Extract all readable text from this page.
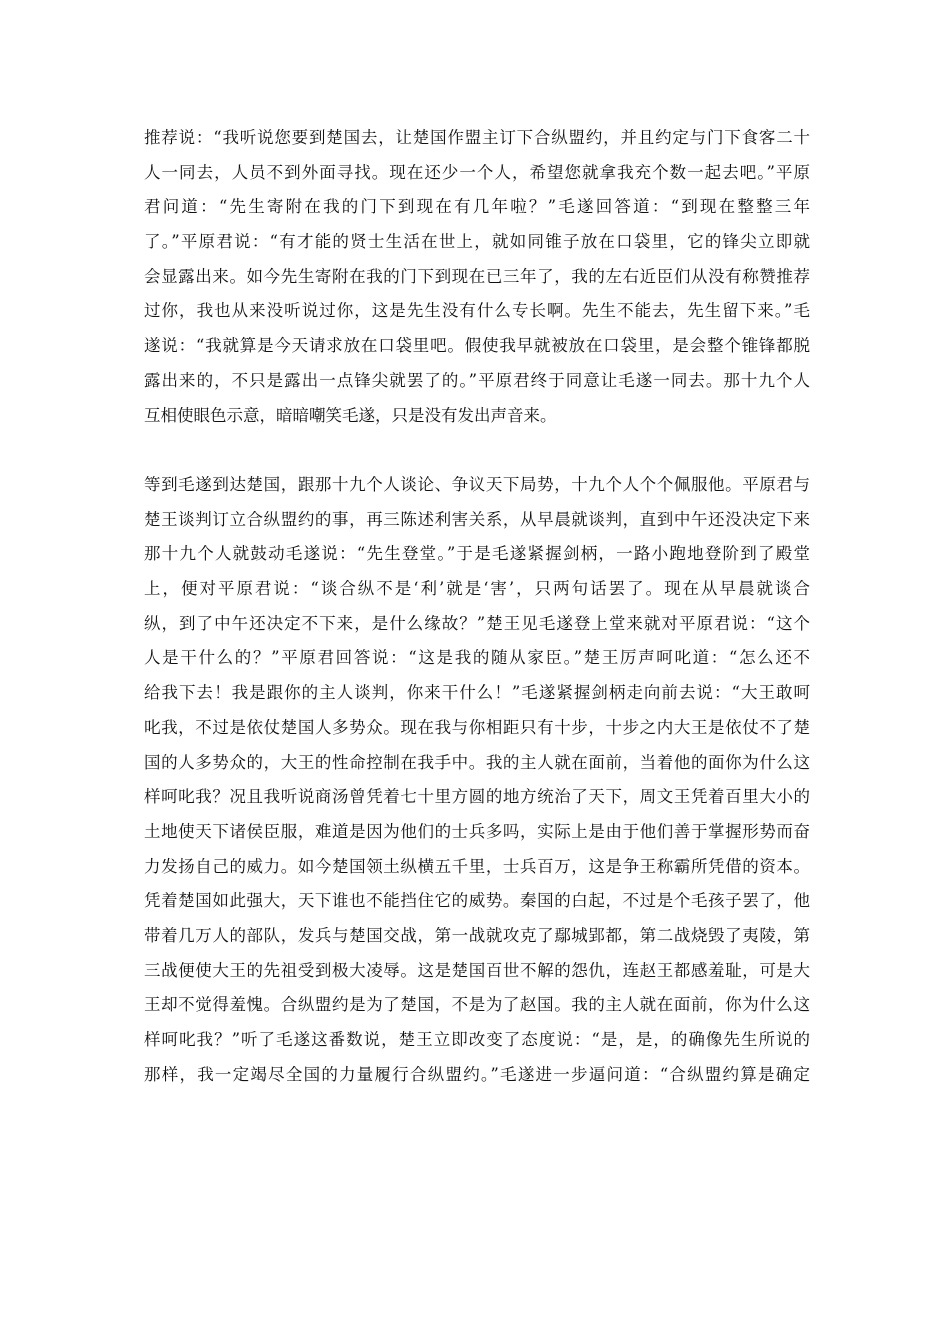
推荐说：“我听说您要到楚国去，让楚国作盟主订下合纵盟约，并且约定与门下食客二十
人一同去，人员不到外面寻找。现在还少一个人，希望您就拿我充个数一起去吧。”平原
君问道：“先生寄附在我的门下到现在有几年啦？”毛遂回答道：“到现在整整三年
了。”平原君说：“有才能的贤士生活在世上，就如同锥子放在口袋里，它的锋尖立即就
会显露出来。如今先生寄附在我的门下到现在已三年了，我的左右近臣们从没有称赞推荐
过你，我也从来没听说过你，这是先生没有什么专长啊。先生不能去，先生留下来。”毛
遂说：“我就算是今天请求放在口袋里吧。假使我早就被放在口袋里，是会整个锥锋都脱
露出来的，不只是露出一点锋尖就罢了的。”平原君终于同意让毛遂一同去。那十九个人
互相使眼色示意，暗暗嘲笑毛遂，只是没有发出声音来。
等到毛遂到达楚国，跟那十九个人谈论、争议天下局势，十九个人个个佩服他。平原君与
楚王谈判订立合纵盟约的事，再三陈述利害关系，从早晨就谈判，直到中午还没决定下来
那十九个人就鼓动毛遂说：“先生登堂。”于是毛遂紧握剑柄，一路小跑地登阶到了殿堂
上，便对平原君说：“谈合纵不是‘利’就是‘害’，只两句话罢了。现在从早晨就谈合
纵，到了中午还决定不下来，是什么缘故？”楚王见毛遂登上堂来就对平原君说：“这个
人是干什么的？”平原君回答说：“这是我的随从家臣。”楚王厉声呵叱道：“怎么还不
给我下去！我是跟你的主人谈判，你来干什么！”毛遂紧握剑柄走向前去说：“大王敢呵
叱我，不过是依仗楚国人多势众。现在我与你相距只有十步，十步之内大王是依仗不了楚
国的人多势众的，大王的性命控制在我手中。我的主人就在面前，当着他的面你为什么这
样呵叱我？况且我听说商汤曾凭着七十里方圆的地方统治了天下，周文王凭着百里大小的
土地使天下诸侯臣服，难道是因为他们的士兵多吗，实际上是由于他们善于掌握形势而奋
力发扬自己的威力。如今楚国领土纵横五千里，士兵百万，这是争王称霸所凭借的资本。
凭着楚国如此强大，天下谁也不能挡住它的威势。秦国的白起，不过是个毛孩子罢了，他
带着几万人的部队，发兵与楚国交战，第一战就攻克了鄢城郢都，第二战烧毁了夷陵，第
三战便使大王的先祖受到极大凌辱。这是楚国百世不解的怨仇，连赵王都感羞耻，可是大
王却不觉得羞愧。合纵盟约是为了楚国，不是为了赵国。我的主人就在面前，你为什么这
样呵叱我？”听了毛遂这番数说，楚王立即改变了态度说：“是，是，的确像先生所说的
那样，我一定竭尽全国的力量履行合纵盟约。”毛遂进一步逼问道：“合纵盟约算是确定
